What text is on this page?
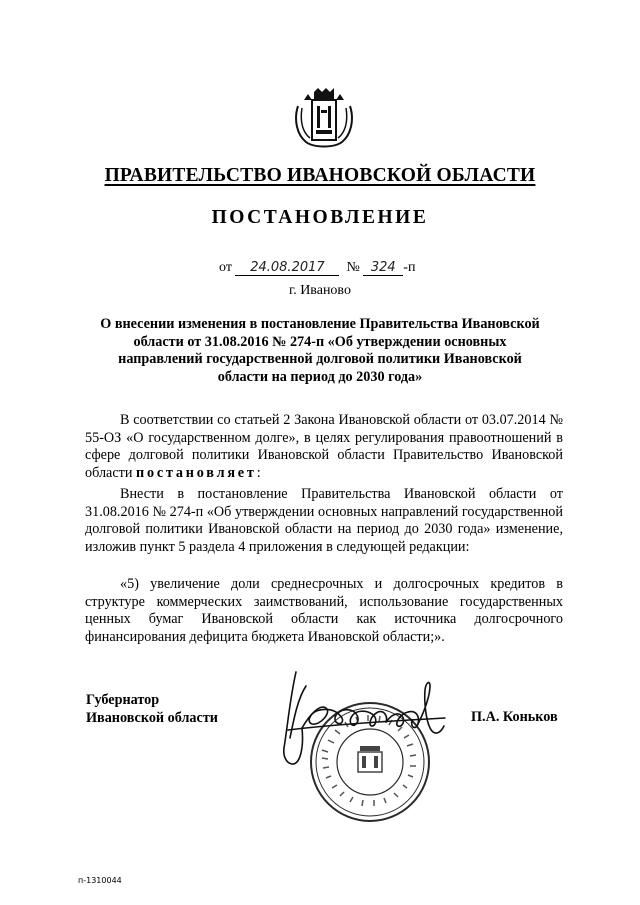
ПРАВИТЕЛЬСТВО ИВАНОВСКОЙ ОБЛАСТИ
ПОСТАНОВЛЕНИЕ
от 24.08.2017 № 324 -п
г. Иваново
О внесении изменения в постановление Правительства Ивановской области от 31.08.2016 № 274-п «Об утверждении основных направлений государственной долговой политики Ивановской области на период до 2030 года»
В соответствии со статьей 2 Закона Ивановской области от 03.07.2014 № 55-ОЗ «О государственном долге», в целях регулирования правоотношений в сфере долговой политики Ивановской области Правительство Ивановской области постановляет:
Внести в постановление Правительства Ивановской области от 31.08.2016 № 274-п «Об утверждении основных направлений государственной долговой политики Ивановской области на период до 2030 года» изменение, изложив пункт 5 раздела 4 приложения в следующей редакции:
«5) увеличение доли среднесрочных и долгосрочных кредитов в структуре коммерческих заимствований, использование государственных ценных бумаг Ивановской области как источника долгосрочного финансирования дефицита бюджета Ивановской области;».
Губернатор
Ивановской области	П.А. Коньков
п-1310044
